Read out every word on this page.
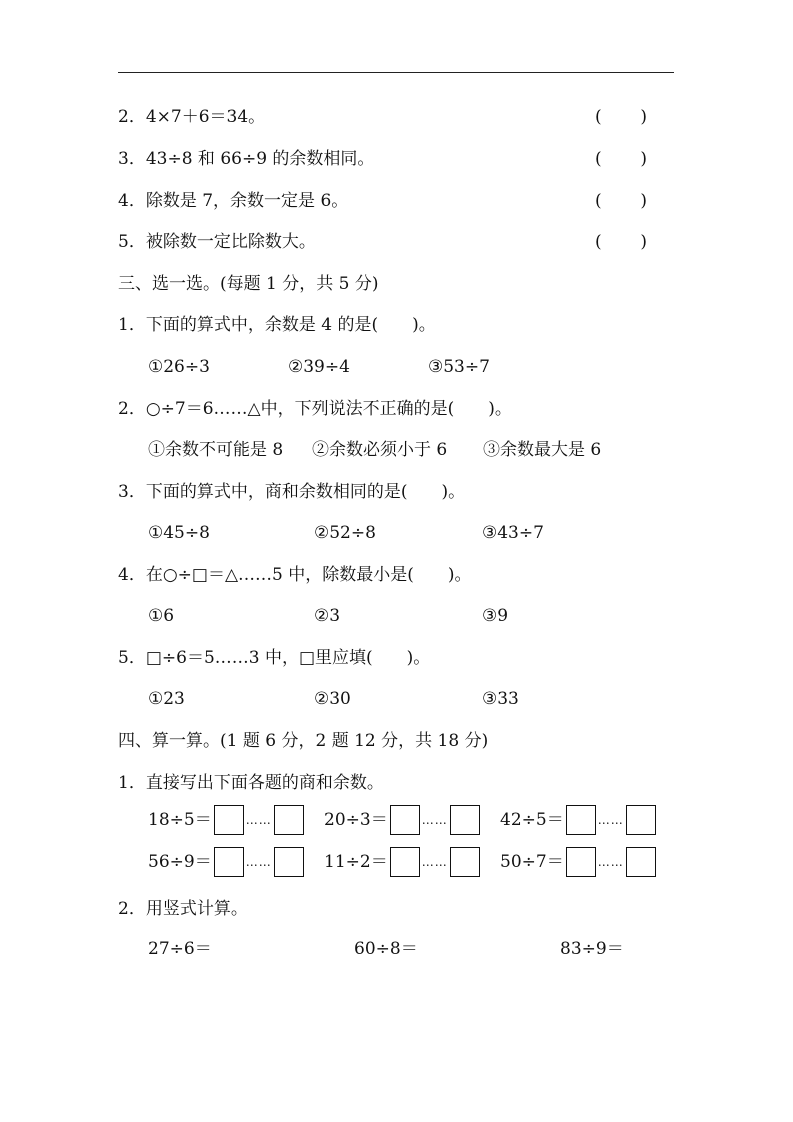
2．4×7＋6＝34。	( )
3．43÷8 和 66÷9 的余数相同。	( )
4．除数是 7，余数一定是 6。	( )
5．被除数一定比除数大。	( )
三、选一选。(每题 1 分，共 5 分)
1．下面的算式中，余数是 4 的是(　　)。
①26÷3	②39÷4	③53÷7
2．○÷7＝6……△中，下列说法不正确的是(　　)。
①余数不可能是 8 ②余数必须小于 6 ③余数最大是 6
3．下面的算式中，商和余数相同的是(　　)。
①45÷8	②52÷8	③43÷7
4．在○÷□＝△……5 中，除数最小是(　　)。
①6	②3	③9
5．□÷6＝5……3 中，□里应填(　　)。
①23	②30	③33
四、算一算。(1 题 6 分，2 题 12 分，共 18 分)
1．直接写出下面各题的商和余数。
18÷5＝	……	20÷3＝	……	42÷5＝	……
56÷9＝	……	11÷2＝	……	50÷7＝	……
2．用竖式计算。
27÷6＝	60÷8＝	83÷9＝
